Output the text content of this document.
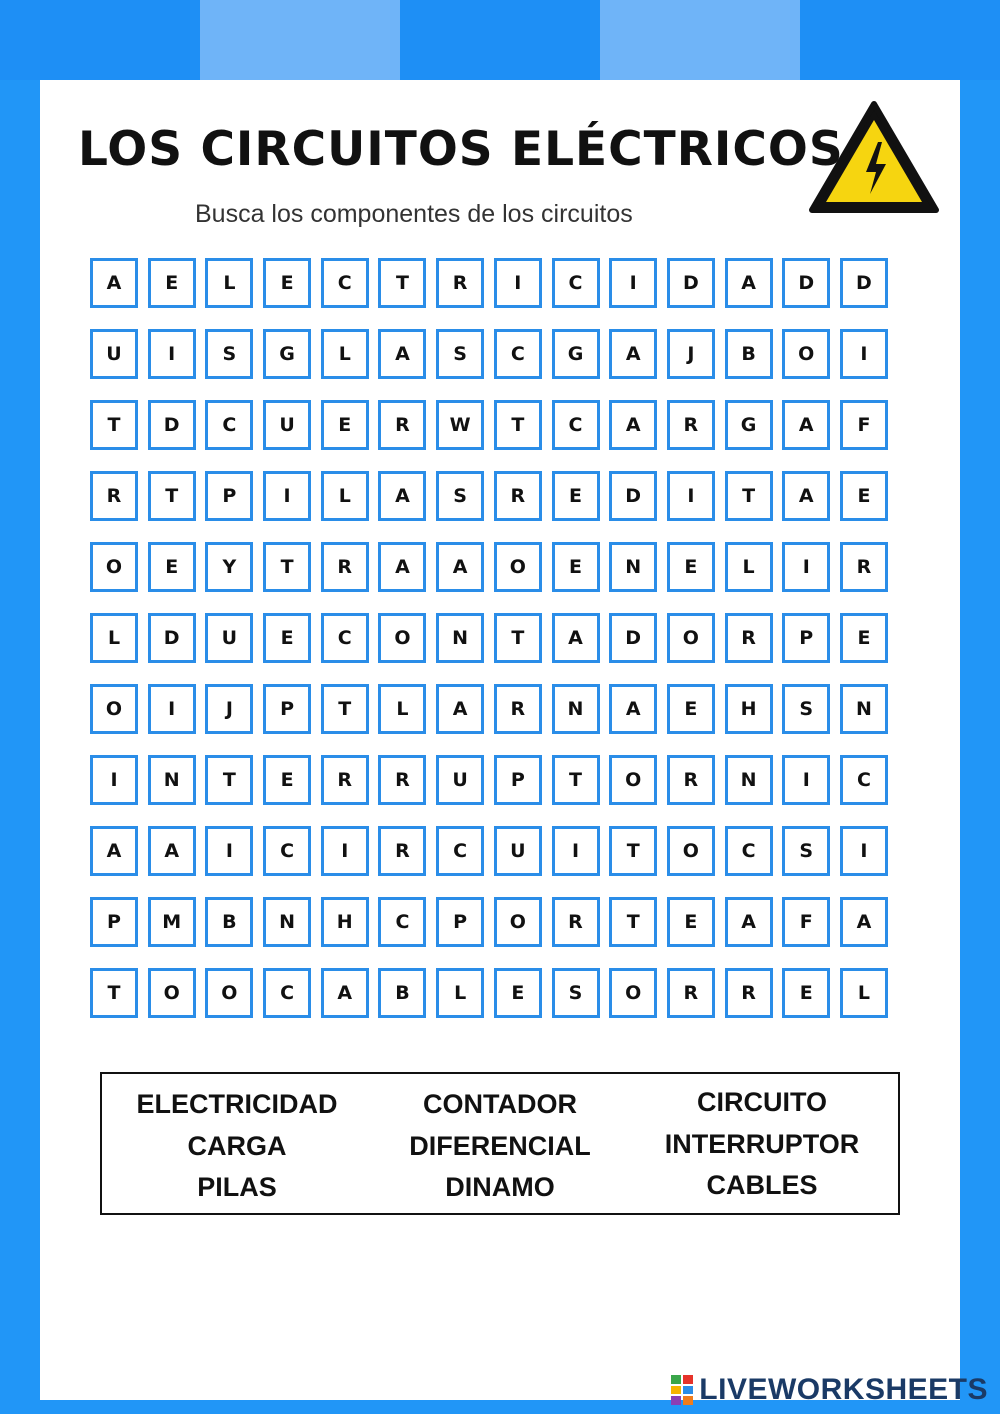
LOS CIRCUITOS ELÉCTRICOS
Busca los componentes de los circuitos
A	E	L	E	C	T	R	I	C	I	D	A	D	D
U	I	S	G	L	A	S	C	G	A	J	B	O	I
T	D	C	U	E	R	W	T	C	A	R	G	A	F
R	T	P	I	L	A	S	R	E	D	I	T	A	E
O	E	Y	T	R	A	A	O	E	N	E	L	I	R
L	D	U	E	C	O	N	T	A	D	O	R	P	E
O	I	J	P	T	L	A	R	N	A	E	H	S	N
I	N	T	E	R	R	U	P	T	O	R	N	I	C
A	A	I	C	I	R	C	U	I	T	O	C	S	I
P	M	B	N	H	C	P	O	R	T	E	A	F	A
T	O	O	C	A	B	L	E	S	O	R	R	E	L
ELECTRICIDAD
CARGA
PILAS
CONTADOR
DIFERENCIAL
DINAMO
CIRCUITO
INTERRUPTOR
CABLES
LIVEWORKSHEETS
